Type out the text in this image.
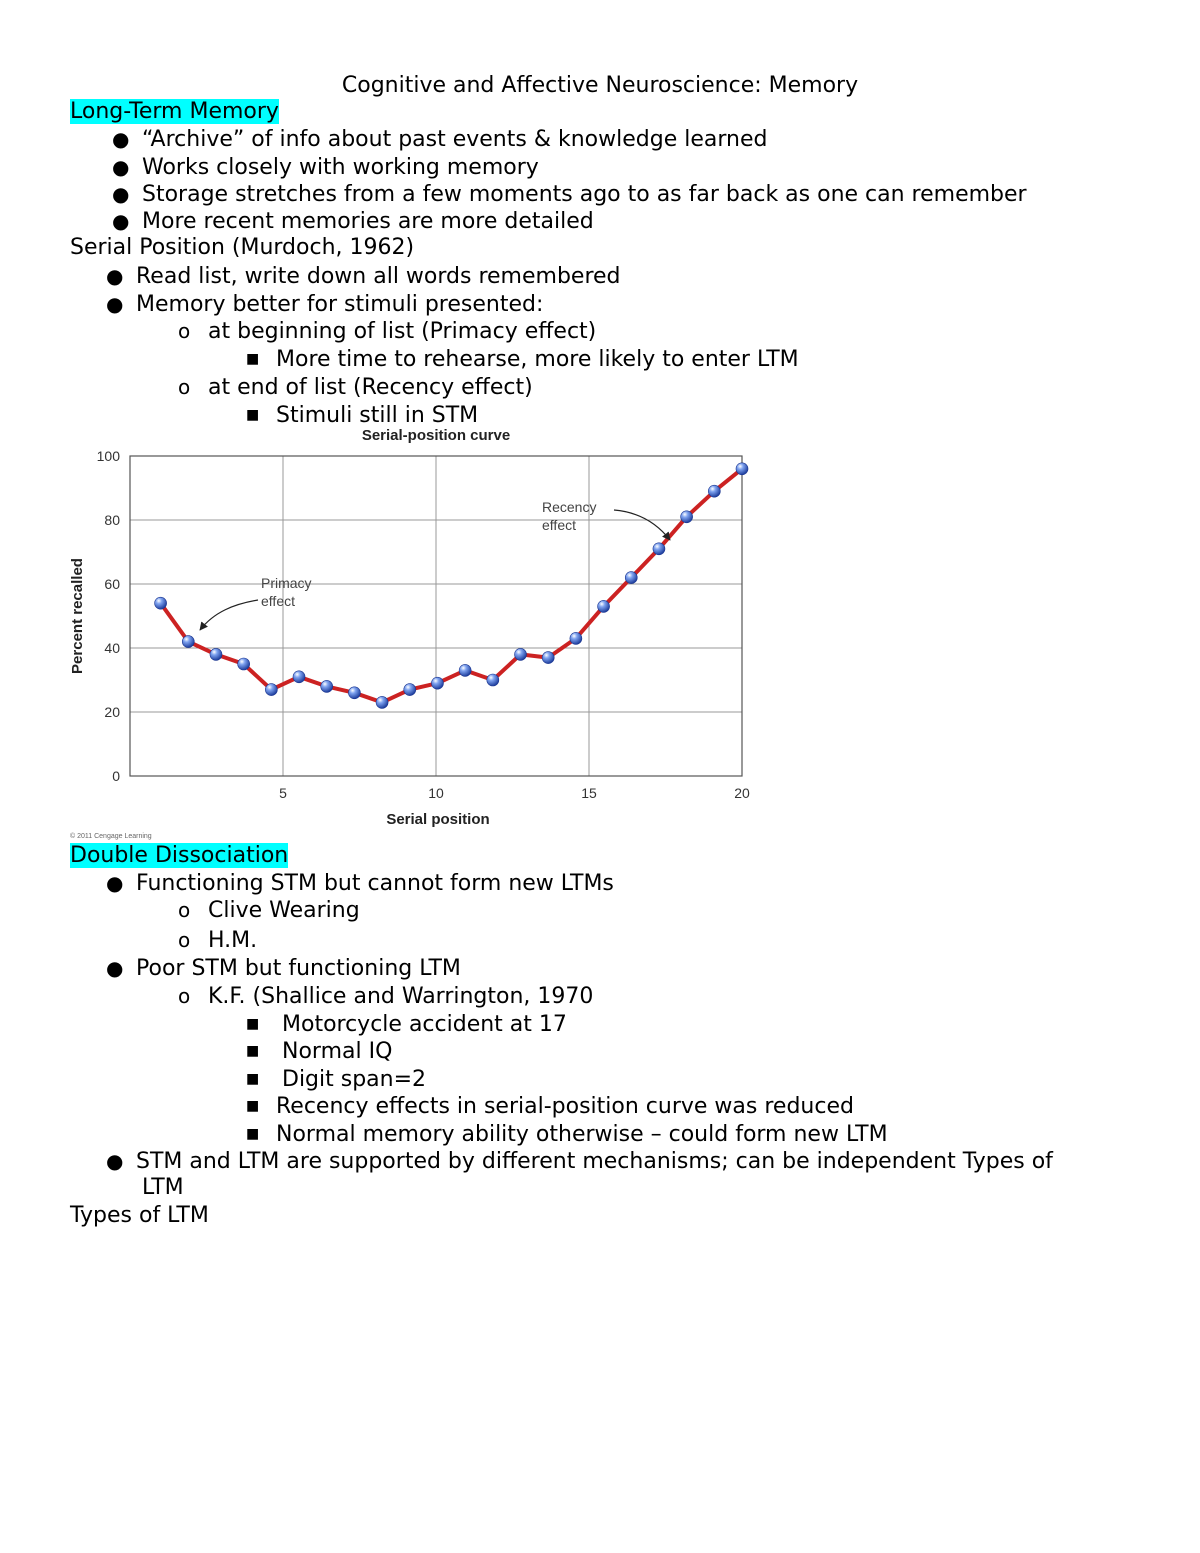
Cognitive and Affective Neuroscience: Memory
Long-Term Memory
● “Archive” of info about past events & knowledge learned
● Works closely with working memory
● Storage stretches from a few moments ago to as far back as one can remember
● More recent memories are more detailed
Serial Position (Murdoch, 1962)
● Read list, write down all words remembered
● Memory better for stimuli presented:
o at beginning of list (Primacy effect)
■ More time to rehearse, more likely to enter LTM
o at end of list (Recency effect)
■ Stimuli still in STM
Serial-position curve
0
20
40
60
80
100
5	10	15	20
Serial position
Percent recalled	Primacy
effect
Recency
effect
© 2011 Cengage Learning
Double Dissociation
● Functioning STM but cannot form new LTMs
o Clive Wearing
o H.M.
● Poor STM but functioning LTM
o K.F. (Shallice and Warrington, 1970
■ Motorcycle accident at 17
■ Normal IQ
■ Digit span=2
■ Recency effects in serial-position curve was reduced
■ Normal memory ability otherwise – could form new LTM
● STM and LTM are supported by different mechanisms; can be independent Types of
LTM
Types of LTM
